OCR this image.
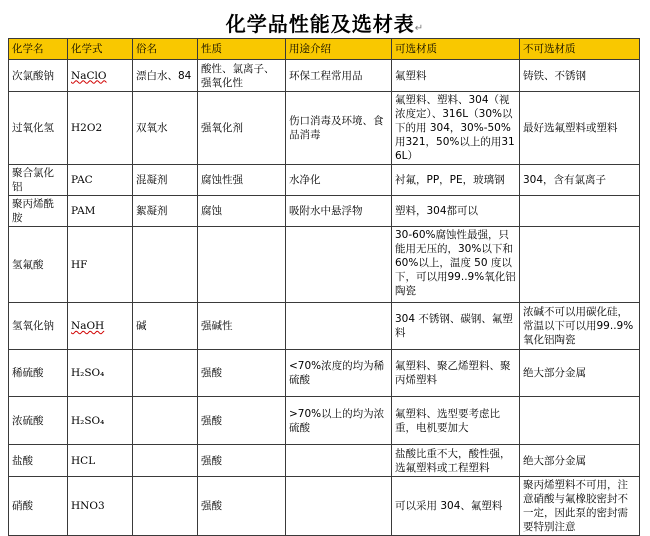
化学品性能及选材表↵
化学名	化学式	俗名	性质	用途介绍	可选材质	不可选材质
次氯酸钠	NaClO	漂白水、84	酸性、氯离子、强氧化性	环保工程常用品	氟塑料	铸铁、不锈钢
过氧化氢	H2O2	双氧水	强氧化剂	伤口消毒及环境、食品消毒	氟塑料、塑料、304（视浓度定）、316L（30%以下的用 304，30%-50%用321，50%以上的用316L）	最好选氟塑料或塑料
聚合氯化铝	PAC	混凝剂	腐蚀性强	水净化	衬氟，PP，PE，玻璃钢	304，含有氯离子
聚丙烯酰胺	PAM	絮凝剂	腐蚀	吸附水中悬浮物	塑料，304都可以	
氢氟酸	HF				30-60%腐蚀性最强，只能用无压的，30%以下和60%以上，温度 50 度以下，可以用99..9%氧化铝陶瓷	
氢氧化钠	NaOH	碱	强碱性		304 不锈钢、碳钢、氟塑料	浓碱不可以用碳化硅，常温以下可以用99..9%氧化铝陶瓷
稀硫酸	H₂SO₄		强酸	<70%浓度的均为稀硫酸	氟塑料、聚乙烯塑料、聚丙烯塑料	绝大部分金属
浓硫酸	H₂SO₄		强酸	>70%以上的均为浓硫酸	氟塑料、选型要考虑比重，电机要加大	
盐酸	HCL		强酸		盐酸比重不大，酸性强，选氟塑料或工程塑料	绝大部分金属
硝酸	HNO3		强酸		可以采用 304、氟塑料	聚丙烯塑料不可用，注意硝酸与氟橡胶密封不一定，因此泵的密封需要特别注意
